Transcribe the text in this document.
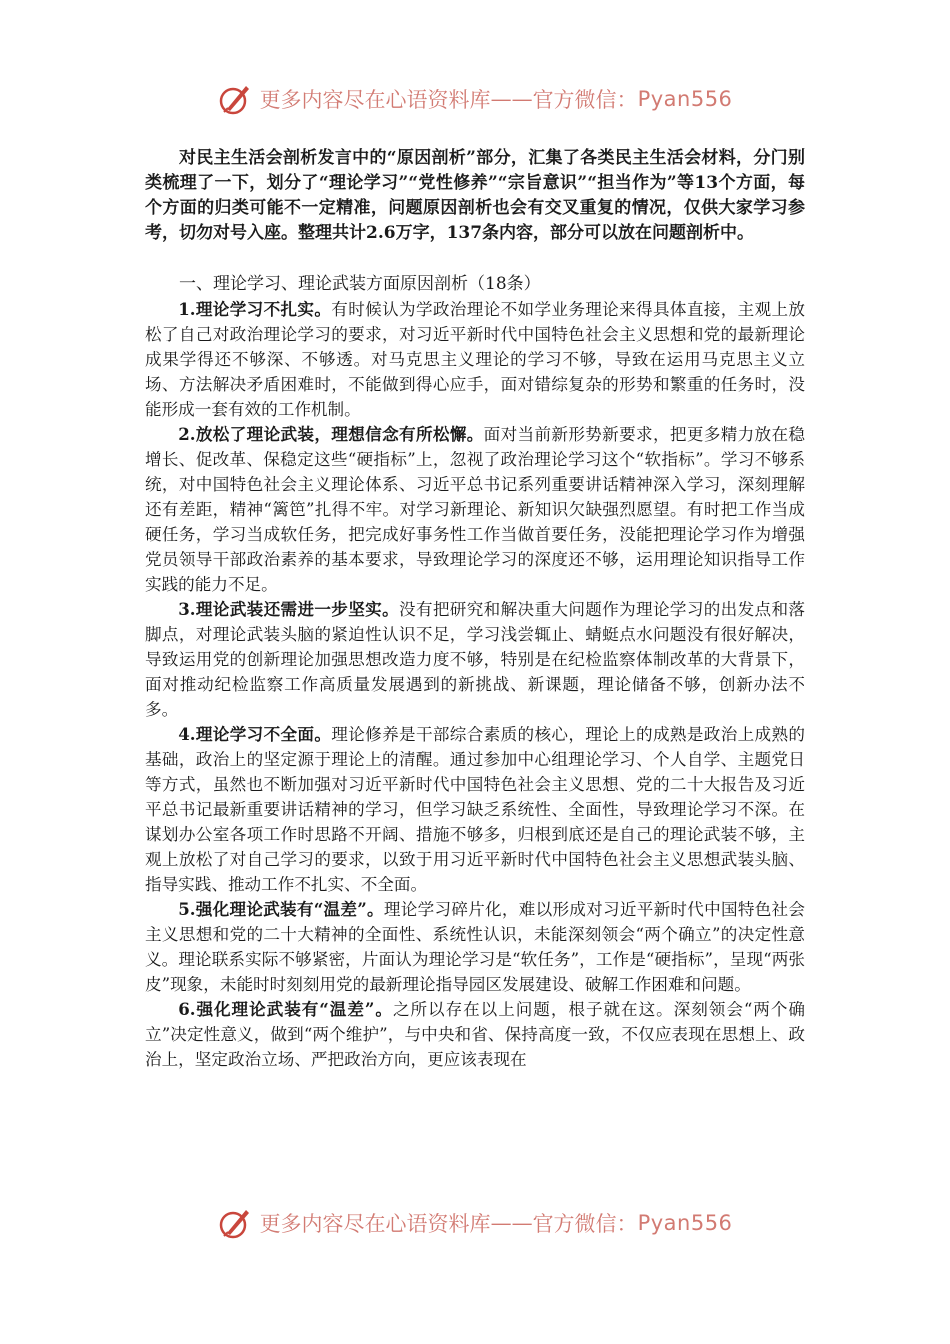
更多内容尽在心语资料库 —— 官方微信： Pyan556

对民主生活会剖析发言中的“原因剖析”部分，汇集了各类民主生活会材料，分门别类梳理了一下，划分了“理论学习”“党性修养”“宗旨意识”“担当作为”等13个方面，每个方面的归类可能不一定精准，问题原因剖析也会有交叉重复的情况，仅供大家学习参考，切勿对号入座。整理共计2.6万字，137条内容，部分可以放在问题剖析中。

一、理论学习、理论武装方面原因剖析（18条）

1.理论学习不扎实。有时候认为学政治理论不如学业务理论来得具体直接，主观上放松了自己对政治理论学习的要求，对习近平新时代中国特色社会主义思想和党的最新理论成果学得还不够深、不够透。对马克思主义理论的学习不够，导致在运用马克思主义立场、方法解决矛盾困难时，不能做到得心应手，面对错综复杂的形势和繁重的任务时，没能形成一套有效的工作机制。

2.放松了理论武装，理想信念有所松懈。面对当前新形势新要求，把更多精力放在稳增长、促改革、保稳定这些“硬指标”上，忽视了政治理论学习这个“软指标”。学习不够系统，对中国特色社会主义理论体系、习近平总书记系列重要讲话精神深入学习，深刻理解还有差距，精神“篱笆”扎得不牢。对学习新理论、新知识欠缺强烈愿望。有时把工作当成硬任务，学习当成软任务，把完成好事务性工作当做首要任务，没能把理论学习作为增强党员领导干部政治素养的基本要求，导致理论学习的深度还不够，运用理论知识指导工作实践的能力不足。

3.理论武装还需进一步坚实。没有把研究和解决重大问题作为理论学习的出发点和落脚点，对理论武装头脑的紧迫性认识不足，学习浅尝辄止、蜻蜓点水问题没有很好解决，导致运用党的创新理论加强思想改造力度不够，特别是在纪检监察体制改革的大背景下，面对推动纪检监察工作高质量发展遇到的新挑战、新课题，理论储备不够，创新办法不多。

4.理论学习不全面。理论修养是干部综合素质的核心，理论上的成熟是政治上成熟的基础，政治上的坚定源于理论上的清醒。通过参加中心组理论学习、个人自学、主题党日等方式，虽然也不断加强对习近平新时代中国特色社会主义思想、党的二十大报告及习近平总书记最新重要讲话精神的学习，但学习缺乏系统性、全面性，导致理论学习不深。在谋划办公室各项工作时思路不开阔、措施不够多，归根到底还是自己的理论武装不够，主观上放松了对自己学习的要求，以致于用习近平新时代中国特色社会主义思想武装头脑、指导实践、推动工作不扎实、不全面。

5.强化理论武装有“温差”。理论学习碎片化，难以形成对习近平新时代中国特色社会主义思想和党的二十大精神的全面性、系统性认识，未能深刻领会“两个确立”的决定性意义。理论联系实际不够紧密，片面认为理论学习是“软任务”，工作是“硬指标”，呈现“两张皮”现象，未能时时刻刻用党的最新理论指导园区发展建设、破解工作困难和问题。

6.强化理论武装有“温差”。之所以存在以上问题，根子就在这。深刻领会“两个确立”决定性意义，做到“两个维护”，与中央和省、保持高度一致，不仅应表现在思想上、政治上，坚定政治立场、严把政治方向，更应该表现在

更多内容尽在心语资料库 —— 官方微信： Pyan556
